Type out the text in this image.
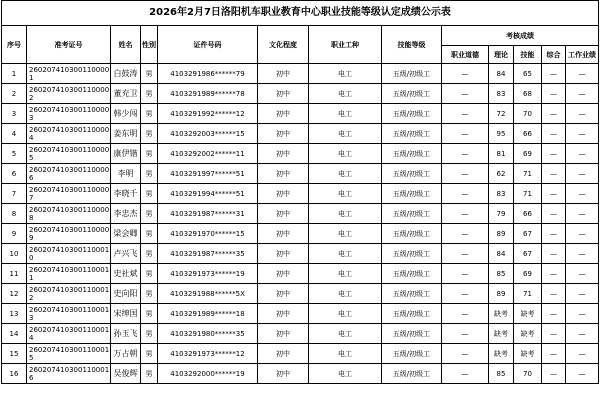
2026年2月7日洛阳机车职业教育中心职业技能等级认定成绩公示表												
序号	准考证号	姓名	性别	证件号码	文化程度	职业工种	技能等级	考核成绩				
								职业道德	理论	技能	综合	工作业绩
1	260207410300110000 1	白鼓涛	男	4103291986******79	初中	电工	五级/初级工	—	84	65	—	—
2	260207410300110000 2	董充卫	男	4103291989******78	初中	电工	五级/初级工	—	83	68	—	—
3	260207410300110000 3	韩少闯	男	4103291992******12	初中	电工	五级/初级工	—	72	70	—	—
4	260207410300110000 4	姜东明	男	4103292003******15	初中	电工	五级/初级工	—	95	66	—	—
5	260207410300110000 5	康伊锴	男	4103292002******11	初中	电工	五级/初级工	—	81	69	—	—
6	260207410300110000 6	李明	男	4103291997******51	初中	电工	五级/初级工	—	62	71	—	—
7	260207410300110000 7	李晓千	男	4103291994******51	初中	电工	五级/初级工	—	83	71	—	—
8	260207410300110000 8	李忠杰	男	4103291987******31	初中	电工	五级/初级工	—	79	66	—	—
9	260207410300110000 9	梁会卿	男	4103291970******15	初中	电工	五级/初级工	—	89	67	—	—
10	260207410300110001 0	卢兴飞	男	4103291987******35	初中	电工	五级/初级工	—	84	67	—	—
11	260207410300110001 1	史社斌	男	4103291973******19	初中	电工	五级/初级工	—	85	69	—	—
12	260207410300110001 2	史向阳	男	4103291988******5X	初中	电工	五级/初级工	—	89	71	—	—
13	260207410300110001 3	宋绅国	男	4103291989******18	初中	电工	五级/初级工	—	缺考	缺考	—	—
14	260207410300110001 4	孙玉飞	男	4103291980******35	初中	电工	五级/初级工	—	缺考	缺考	—	—
15	260207410300110001 5	万占朝	男	4103291973******12	初中	电工	五级/初级工	—	缺考	缺考	—	—
16	260207410300110001 6	吴俊辉	男	4103292000******19	初中	电工	五级/初级工	—	85	70	—	—
